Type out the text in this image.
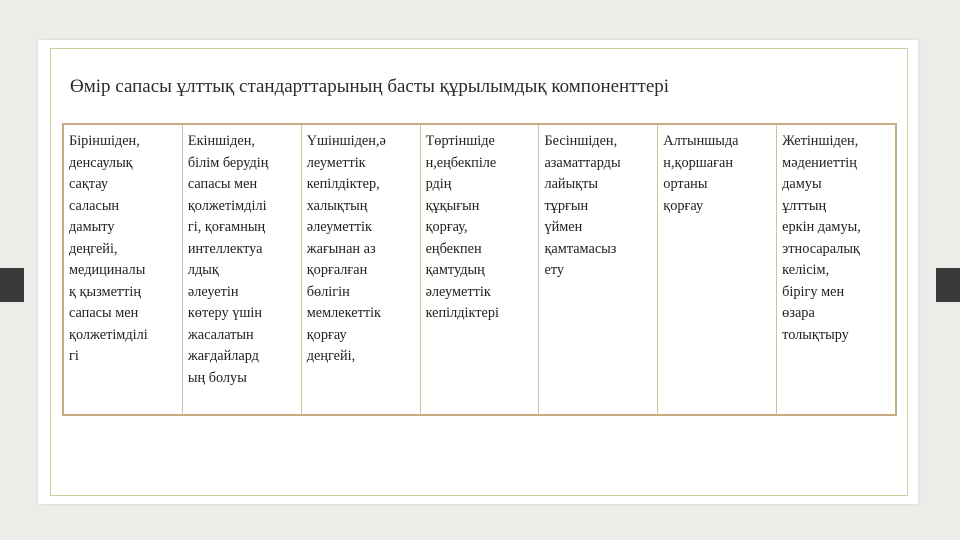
Өмір сапасы ұлттық стандарттарының басты құрылымдық компоненттері
Біріншіден,
денсаулық
сақтау
саласын
дамыту
деңгейі,
медициналы
қ қызметтің
сапасы мен
қолжетімділі
гі
Екіншіден,
білім берудің
сапасы мен
қолжетімділі
гі, қоғамның
интеллектуа
лдық
әлеуетін
көтеру үшін
жасалатын
жағдайлард
ың болуы
Үшіншіден,ә
леуметтік
кепілдіктер,
халықтың
әлеуметтік
жағынан аз
қорғалған
бөлігін
мемлекеттік
қорғау
деңгейі,
Төртіншіде
н,еңбекпіле
рдің
құқығын
қорғау,
еңбекпен
қамтудың
әлеуметтік
кепілдіктері
Бесіншіден,
азаматтарды
лайықты
тұрғын
үймен
қамтамасыз
ету
Алтыншыда
н,қоршаған
ортаны
қорғау
Жетіншіден,
мәдениеттің
дамуы
ұлттың
еркін дамуы,
этносаралық
келісім,
бірігу мен
өзара
толықтыру
